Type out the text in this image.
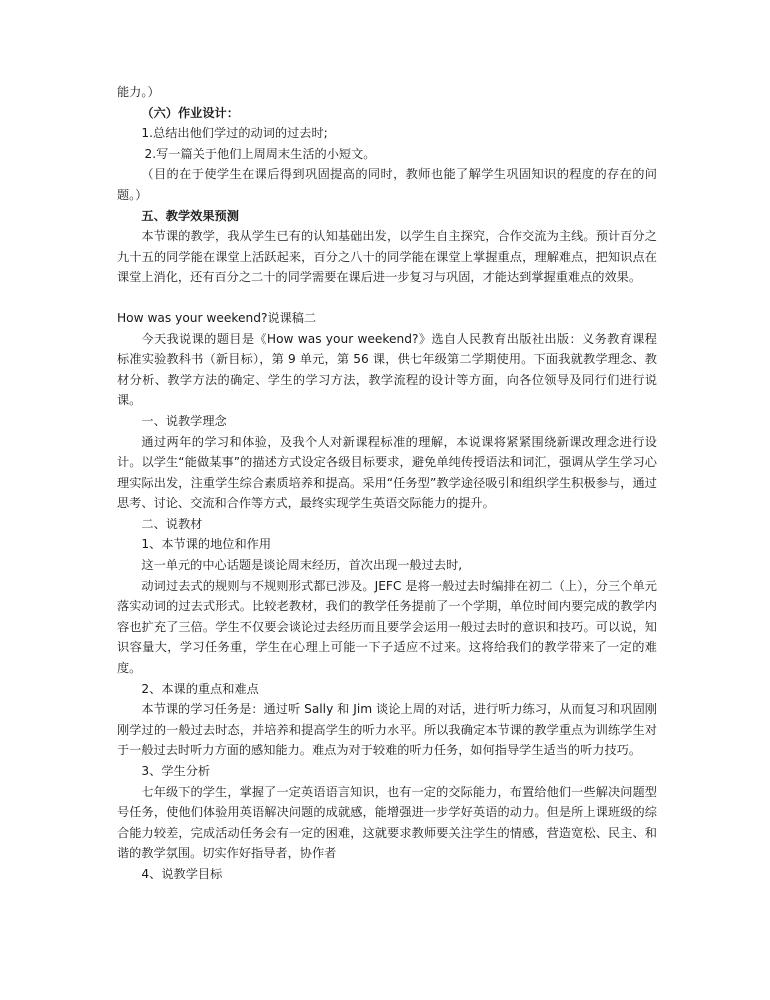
能力。）

（六）作业设计：

1.总结出他们学过的动词的过去时;

2.写一篇关于他们上周周末生活的小短文。

（目的在于使学生在课后得到巩固提高的同时，教师也能了解学生巩固知识的程度的存在的问题。）

五、教学效果预测

本节课的教学，我从学生已有的认知基础出发，以学生自主探究，合作交流为主线。预计百分之九十五的同学能在课堂上活跃起来，百分之八十的同学能在课堂上掌握重点，理解难点，把知识点在课堂上消化，还有百分之二十的同学需要在课后进一步复习与巩固，才能达到掌握重难点的效果。

How was your weekend?说课稿二

今天我说课的题目是《How was your weekend?》选自人民教育出版社出版：义务教育课程标准实验教科书（新目标），第 9 单元，第 56 课，供七年级第二学期使用。下面我就教学理念、教材分析、教学方法的确定、学生的学习方法，教学流程的设计等方面，向各位领导及同行们进行说课。

一、说教学理念

通过两年的学习和体验，及我个人对新课程标准的理解，本说课将紧紧围绕新课改理念进行设计。以学生“能做某事”的描述方式设定各级目标要求，避免单纯传授语法和词汇，强调从学生学习心理实际出发，注重学生综合素质培养和提高。采用“任务型”教学途径吸引和组织学生积极参与，通过思考、讨论、交流和合作等方式，最终实现学生英语交际能力的提升。

二、说教材

1、本节课的地位和作用

这一单元的中心话题是谈论周末经历，首次出现一般过去时,

动词过去式的规则与不规则形式都已涉及。JEFC 是将一般过去时编排在初二（上），分三个单元落实动词的过去式形式。比较老教材，我们的教学任务提前了一个学期，单位时间内要完成的教学内容也扩充了三倍。学生不仅要会谈论过去经历而且要学会运用一般过去时的意识和技巧。可以说，知识容量大，学习任务重，学生在心理上可能一下子适应不过来。这将给我们的教学带来了一定的难度。

2、本课的重点和难点

本节课的学习任务是：通过听 Sally 和 Jim 谈论上周的对话，进行听力练习，从而复习和巩固刚刚学过的一般过去时态，并培养和提高学生的听力水平。所以我确定本节课的教学重点为训练学生对于一般过去时听力方面的感知能力。难点为对于较难的听力任务，如何指导学生适当的听力技巧。

3、学生分析

七年级下的学生，掌握了一定英语语言知识，也有一定的交际能力，布置给他们一些解决问题型号任务，使他们体验用英语解决问题的成就感，能增强进一步学好英语的动力。但是所上课班级的综合能力较差，完成活动任务会有一定的困难，这就要求教师要关注学生的情感，营造宽松、民主、和谐的教学氛围。切实作好指导者，协作者

4、说教学目标
